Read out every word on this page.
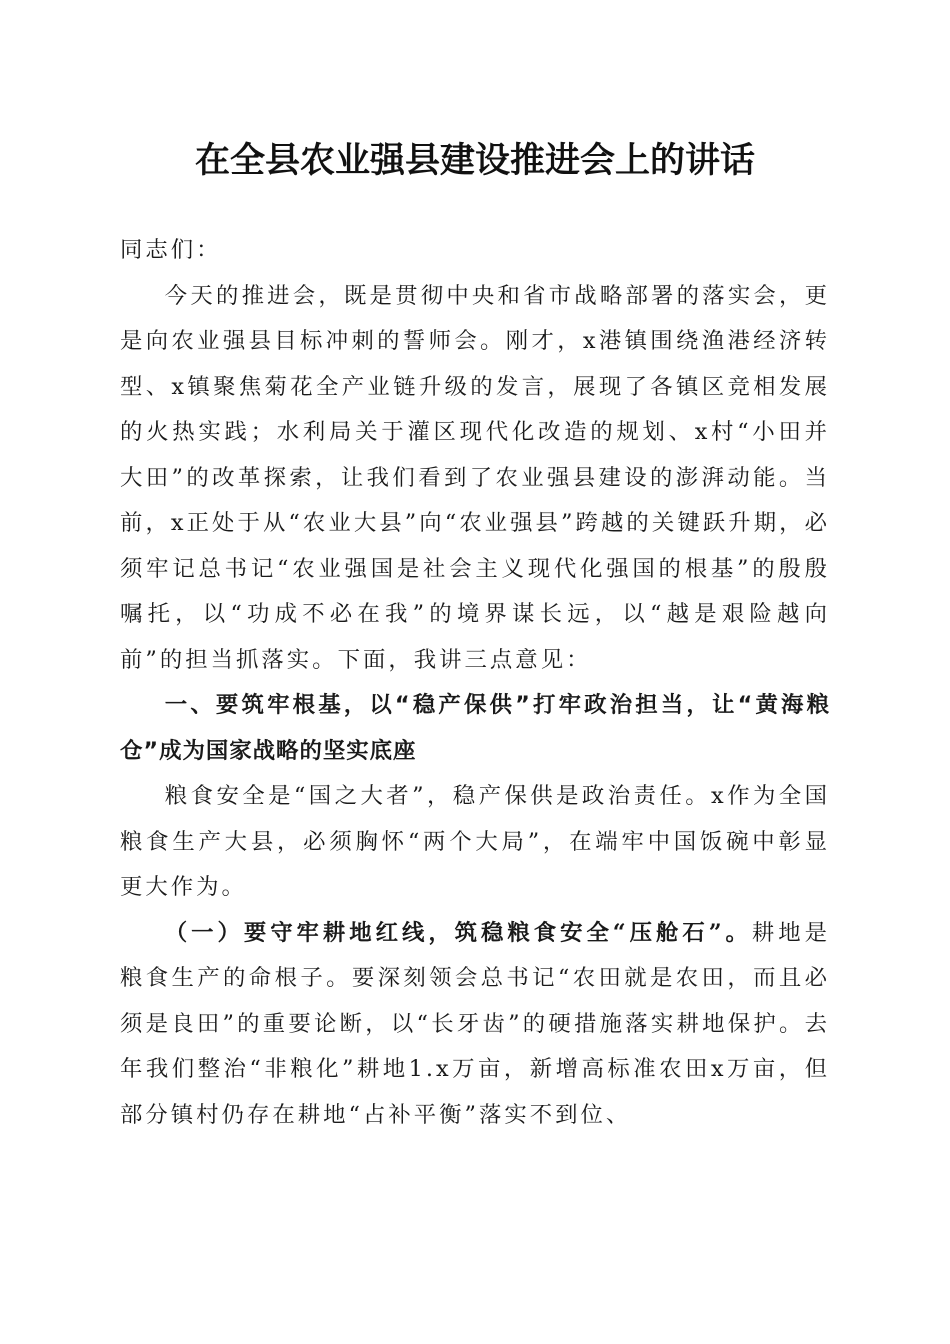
在全县农业强县建设推进会上的讲话

同志们：

今天的推进会，既是贯彻中央和省市战略部署的落实会，更是向农业强县目标冲刺的誓师会。刚才，x港镇围绕渔港经济转型、x镇聚焦菊花全产业链升级的发言，展现了各镇区竞相发展的火热实践；水利局关于灌区现代化改造的规划、x村“小田并大田”的改革探索，让我们看到了农业强县建设的澎湃动能。当前，x正处于从“农业大县”向“农业强县”跨越的关键跃升期，必须牢记总书记“农业强国是社会主义现代化强国的根基”的殷殷嘱托，以“功成不必在我”的境界谋长远，以“越是艰险越向前”的担当抓落实。下面，我讲三点意见：

一、要筑牢根基，以“稳产保供”打牢政治担当，让“黄海粮仓”成为国家战略的坚实底座

粮食安全是“国之大者”，稳产保供是政治责任。x作为全国粮食生产大县，必须胸怀“两个大局”，在端牢中国饭碗中彰显更大作为。

（一）要守牢耕地红线，筑稳粮食安全“压舱石”。耕地是粮食生产的命根子。要深刻领会总书记“农田就是农田，而且必须是良田”的重要论断，以“长牙齿”的硬措施落实耕地保护。去年我们整治“非粮化”耕地1.x万亩，新增高标准农田x万亩，但部分镇村仍存在耕地“占补平衡”落实不到位、
